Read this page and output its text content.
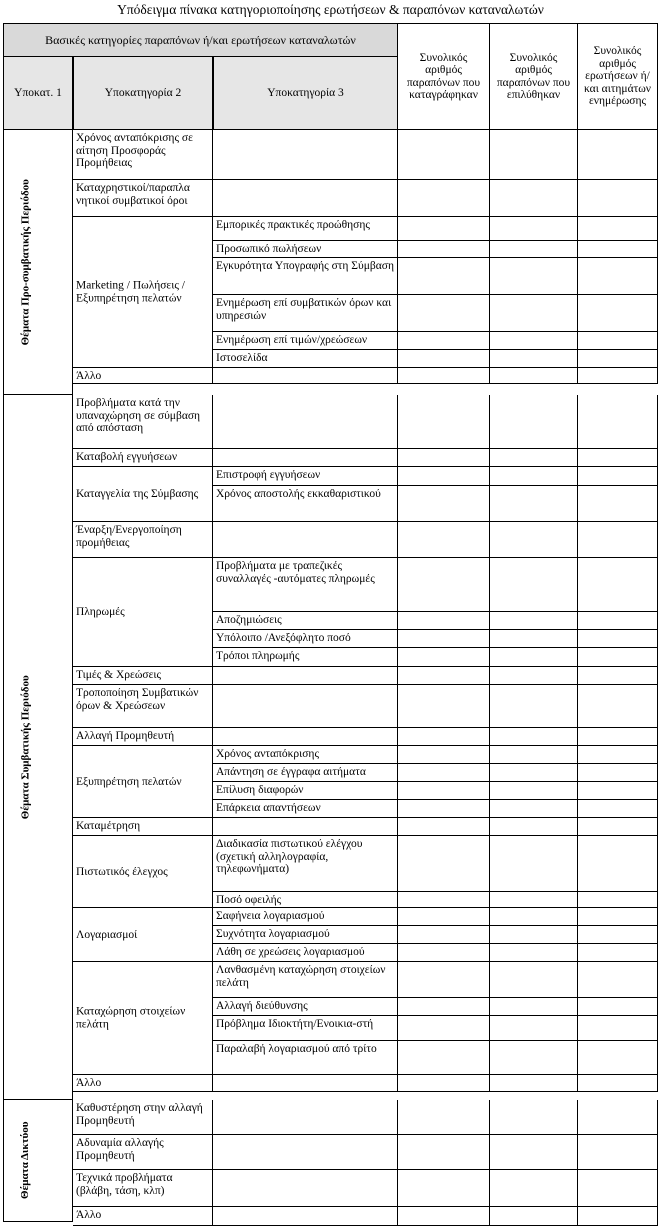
Υπόδειγμα πίνακα κατηγοριοποίησης ερωτήσεων & παραπόνων καταναλωτών
Βασικές κατηγορίες παραπόνων ή/και ερωτήσεων καταναλωτών
Υποκατ. 1	Υποκατηγορία 2	Υποκατηγορία 3
Συνολικός αριθμός παραπόνων που καταγράφηκαν
Συνολικός αριθμός παραπόνων που επιλύθηκαν
Συνολικός αριθμός ερωτήσεων ή/και αιτημάτων ενημέρωσης
Χρόνος ανταπόκρισης σε αίτηση Προσφοράς Προμήθειας
Καταχρηστικοί/παραπλα νητικοί συμβατικοί όροι
Marketing / Πωλήσεις / Εξυπηρέτηση πελατών
Εμπορικές πρακτικές προώθησης
Προσωπικό πωλήσεων
Εγκυρότητα Υπογραφής στη Σύμβαση
Ενημέρωση επί συμβατικών όρων και υπηρεσιών
Ενημέρωση επί τιμών/χρεώσεων
Ιστοσελίδα
Άλλο
Θέματα Προ-συμβατικής Περιόδου
Προβλήματα κατά την υπαναχώρηση σε σύμβαση από απόσταση
Καταβολή εγγυήσεων
Καταγγελία της Σύμβασης
Επιστροφή εγγυήσεων
Χρόνος αποστολής εκκαθαριστικού
Έναρξη/Ενεργοποίηση προμήθειας
Πληρωμές
Προβλήματα με τραπεζικές συναλλαγές -αυτόματες πληρωμές
Αποζημιώσεις
Υπόλοιπο /Ανεξόφλητο ποσό
Τρόποι πληρωμής
Τιμές & Χρεώσεις
Τροποποίηση Συμβατικών όρων & Χρεώσεων
Αλλαγή Προμηθευτή
Εξυπηρέτηση πελατών
Χρόνος ανταπόκρισης
Απάντηση σε έγγραφα αιτήματα
Επίλυση διαφορών
Επάρκεια απαντήσεων
Καταμέτρηση
Πιστωτικός έλεγχος
Διαδικασία πιστωτικού ελέγχου (σχετική αλληλογραφία, τηλεφωνήματα)
Ποσό οφειλής
Λογαριασμοί
Σαφήνεια λογαριασμού
Συχνότητα λογαριασμού
Λάθη σε χρεώσεις λογαριασμού
Καταχώρηση στοιχείων πελάτη
Λανθασμένη καταχώρηση στοιχείων πελάτη
Αλλαγή διεύθυνσης
Πρόβλημα Ιδιοκτήτη/Ενοικια-στή
Παραλαβή λογαριασμού από τρίτο
Άλλο
Θέματα Συμβατικής Περιόδου
Καθυστέρηση στην αλλαγή Προμηθευτή
Αδυναμία αλλαγής Προμηθευτή
Τεχνικά προβλήματα (βλάβη, τάση, κλπ)
Άλλο
Θέματα Δικτύου
